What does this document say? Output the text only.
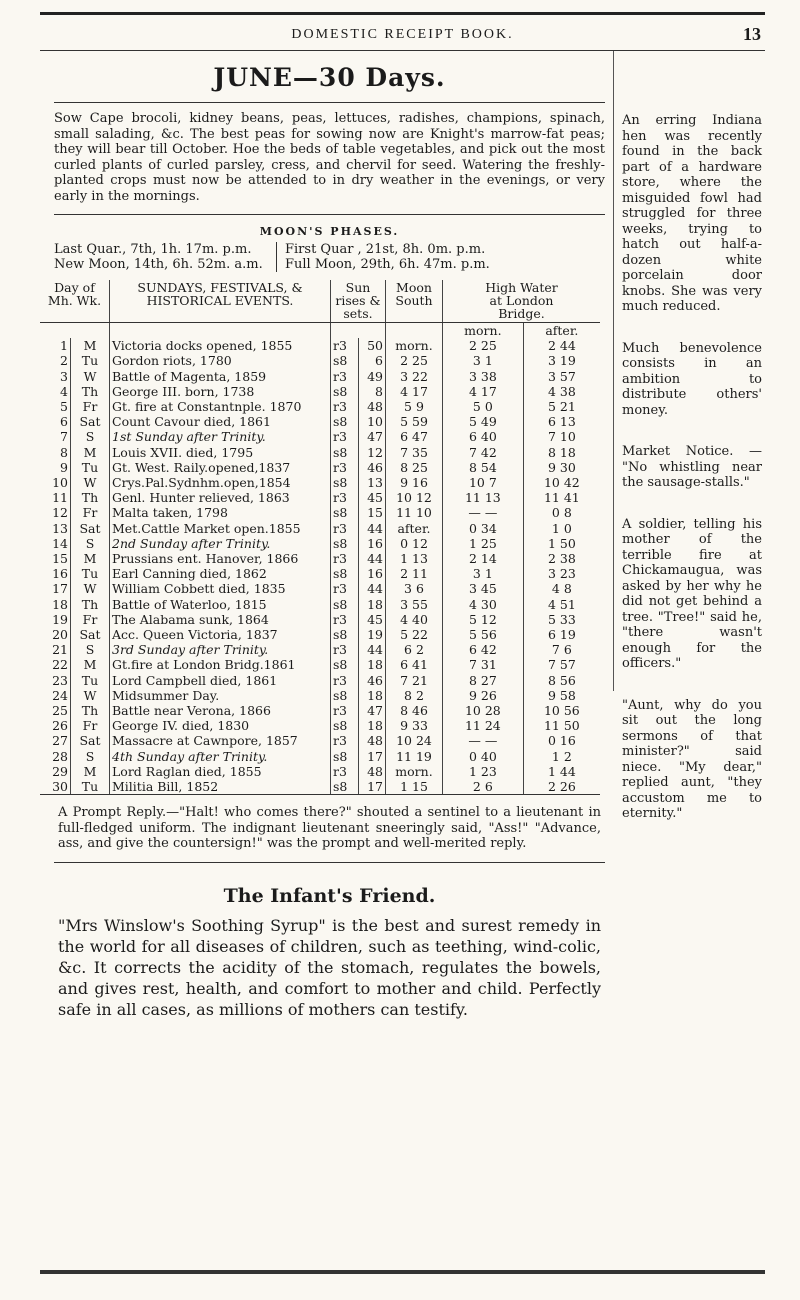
DOMESTIC RECEIPT BOOK.	13
JUNE—30 Days.
Sow Cape brocoli, kidney beans, peas, lettuces, radishes, champions, spinach, small salading, &c. The best peas for sowing now are Knight's marrow-fat peas; they will bear till October. Hoe the beds of table vegetables, and pick out the most curled plants of curled parsley, cress, and chervil for seed. Watering the freshly-planted crops must now be attended to in dry weather in the evenings, or very early in the mornings.
MOON'S PHASES.
Last Quar., 7th, 1h. 17m. p.m.
New Moon, 14th, 6h. 52m. a.m.
First Quar , 21st, 8h. 0m. p.m.
Full Moon, 29th, 6h. 47m. p.m.
Day of
Mh. Wk.		SUNDAYS, FESTIVALS, &
HISTORICAL EVENTS.	Sun
rises &
sets.		Moon
South	High Water
at London
Bridge.	
						morn.	after.
1	M	Victoria docks opened, 1855	r3	50	morn.	2 25	2 44
2	Tu	Gordon riots, 1780	s8	6	2 25	3 1	3 19
3	W	Battle of Magenta, 1859	r3	49	3 22	3 38	3 57
4	Th	George III. born, 1738	s8	8	4 17	4 17	4 38
5	Fr	Gt. fire at Constantnple. 1870	r3	48	5 9	5 0	5 21
6	Sat	Count Cavour died, 1861	s8	10	5 59	5 49	6 13
7	S	1st Sunday after Trinity.	r3	47	6 47	6 40	7 10
8	M	Louis XVII. died, 1795	s8	12	7 35	7 42	8 18
9	Tu	Gt. West. Raily.opened,1837	r3	46	8 25	8 54	9 30
10	W	Crys.Pal.Sydnhm.open,1854	s8	13	9 16	10 7	10 42
11	Th	Genl. Hunter relieved, 1863	r3	45	10 12	11 13	11 41
12	Fr	Malta taken, 1798	s8	15	11 10	— —	0 8
13	Sat	Met.Cattle Market open.1855	r3	44	after.	0 34	1 0
14	S	2nd Sunday after Trinity.	s8	16	0 12	1 25	1 50
15	M	Prussians ent. Hanover, 1866	r3	44	1 13	2 14	2 38
16	Tu	Earl Canning died, 1862	s8	16	2 11	3 1	3 23
17	W	William Cobbett died, 1835	r3	44	3 6	3 45	4 8
18	Th	Battle of Waterloo, 1815	s8	18	3 55	4 30	4 51
19	Fr	The Alabama sunk, 1864	r3	45	4 40	5 12	5 33
20	Sat	Acc. Queen Victoria, 1837	s8	19	5 22	5 56	6 19
21	S	3rd Sunday after Trinity.	r3	44	6 2	6 42	7 6
22	M	Gt.fire at London Bridg.1861	s8	18	6 41	7 31	7 57
23	Tu	Lord Campbell died, 1861	r3	46	7 21	8 27	8 56
24	W	Midsummer Day.	s8	18	8 2	9 26	9 58
25	Th	Battle near Verona, 1866	r3	47	8 46	10 28	10 56
26	Fr	George IV. died, 1830	s8	18	9 33	11 24	11 50
27	Sat	Massacre at Cawnpore, 1857	r3	48	10 24	— —	0 16
28	S	4th Sunday after Trinity.	s8	17	11 19	0 40	1 2
29	M	Lord Raglan died, 1855	r3	48	morn.	1 23	1 44
30	Tu	Militia Bill, 1852	s8	17	1 15	2 6	2 26
A Prompt Reply.—"Halt! who comes there?" shouted a sentinel to a lieutenant in full-fledged uniform. The indignant lieutenant sneeringly said, "Ass!" "Advance, ass, and give the countersign!" was the prompt and well-merited reply.
The Infant's Friend.
"Mrs Winslow's Soothing Syrup" is the best and surest remedy in the world for all diseases of children, such as teething, wind-colic, &c. It corrects the acidity of the stomach, regulates the bowels, and gives rest, health, and comfort to mother and child. Perfectly safe in all cases, as millions of mothers can testify.

An erring Indiana hen was recently found in the back part of a hardware store, where the misguided fowl had struggled for three weeks, trying to hatch out half-a-dozen white porcelain door knobs. She was very much reduced.

Much benevolence consists in an ambition to distribute others' money.

Market Notice. — "No whistling near the sausage-stalls."

A soldier, telling his mother of the terrible fire at Chickamaugua, was asked by her why he did not get behind a tree. "Tree!" said he, "there wasn't enough for the officers."

"Aunt, why do you sit out the long sermons of that minister?" said niece. "My dear," replied aunt, "they accustom me to eternity."
